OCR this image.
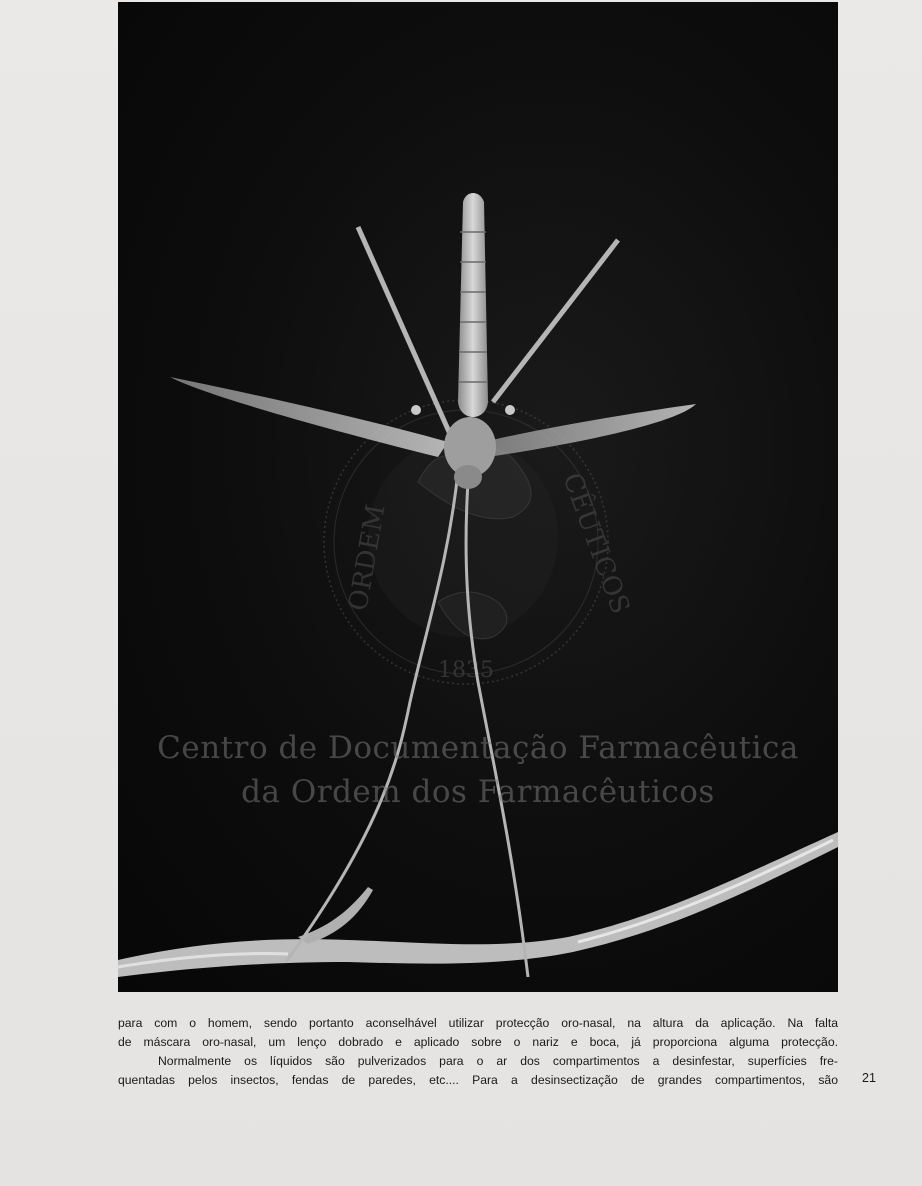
ORDEM	CÊUTICOS
1835
Centro de Documentação Farmacêutica
da Ordem dos Farmacêuticos

para com o homem, sendo portanto aconselhável utilizar protecção oro-nasal, na altura da aplicação. Na falta

de máscara oro-nasal, um lenço dobrado e aplicado sobre o nariz e boca, já proporciona alguma protecção.

Normalmente os líquidos são pulverizados para o ar dos compartimentos a desinfestar, superfícies fre-

quentadas pelos insectos, fendas de paredes, etc.... Para a desinsectização de grandes compartimentos, são 21
